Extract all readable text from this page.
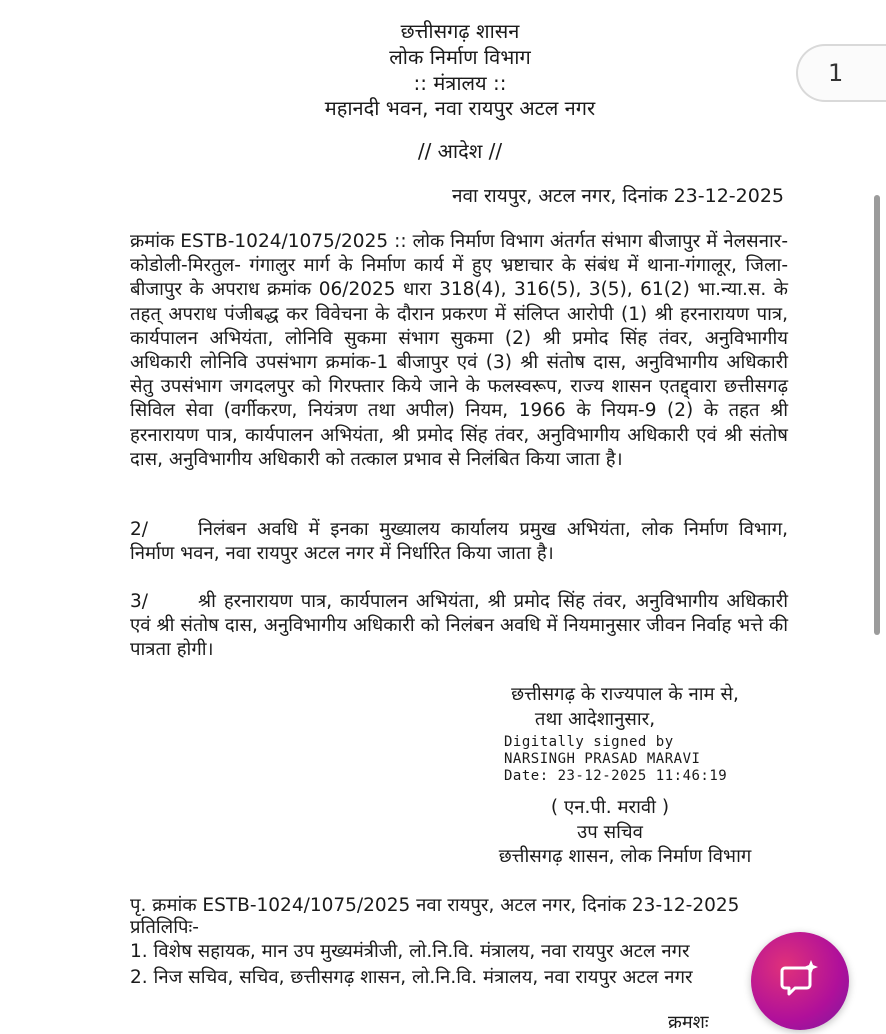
छत्तीसगढ़ शासन
लोक निर्माण विभाग
:: मंत्रालय ::
महानदी भवन, नवा रायपुर अटल नगर
// आदेश //
नवा रायपुर, अटल नगर, दिनांक 23-12-2025

क्रमांक ESTB-1024/1075/2025 :: लोक निर्माण विभाग अंतर्गत संभाग बीजापुर में नेलसनार-कोडोली-मिरतुल- गंगालुर मार्ग के निर्माण कार्य में हुए भ्रष्टाचार के संबंध में थाना-गंगालूर, जिला-बीजापुर के अपराध क्रमांक 06/2025 धारा 318(4), 316(5), 3(5), 61(2) भा.न्या.स. के तहत् अपराध पंजीबद्ध कर विवेचना के दौरान प्रकरण में संलिप्त आरोपी (1) श्री हरनारायण पात्र, कार्यपालन अभियंता, लोनिवि सुकमा संभाग सुकमा (2) श्री प्रमोद सिंह तंवर, अनुविभागीय अधिकारी लोनिवि उपसंभाग क्रमांक-1 बीजापुर एवं (3) श्री संतोष दास, अनुविभागीय अधिकारी सेतु उपसंभाग जगदलपुर को गिरफ्तार किये जाने के फलस्वरूप, राज्य शासन एतद्द्वारा छत्तीसगढ़ सिविल सेवा (वर्गीकरण, नियंत्रण तथा अपील) नियम, 1966 के नियम-9 (2) के तहत श्री हरनारायण पात्र, कार्यपालन अभियंता, श्री प्रमोद सिंह तंवर, अनुविभागीय अधिकारी एवं श्री संतोष दास, अनुविभागीय अधिकारी को तत्काल प्रभाव से निलंबित किया जाता है।

2/	निलंबन अवधि में इनका मुख्यालय कार्यालय प्रमुख अभियंता, लोक निर्माण विभाग, निर्माण भवन, नवा रायपुर अटल नगर में निर्धारित किया जाता है।

3/	श्री हरनारायण पात्र, कार्यपालन अभियंता, श्री प्रमोद सिंह तंवर, अनुविभागीय अधिकारी एवं श्री संतोष दास, अनुविभागीय अधिकारी को निलंबन अवधि में नियमानुसार जीवन निर्वाह भत्ते की पात्रता होगी।

छत्तीसगढ़ के राज्यपाल के नाम से,
तथा आदेशानुसार,
Digitally signed by
NARSINGH PRASAD MARAVI
Date: 23-12-2025 11:46:19
( एन.पी. मरावी )
उप सचिव
छत्तीसगढ़ शासन, लोक निर्माण विभाग
पृ. क्रमांक ESTB-1024/1075/2025 नवा रायपुर, अटल नगर, दिनांक 23-12-2025
प्रतिलिपिः-
1. विशेष सहायक, मान उप मुख्यमंत्रीजी, लो.नि.वि. मंत्रालय, नवा रायपुर अटल नगर
2. निज सचिव, सचिव, छत्तीसगढ़ शासन, लो.नि.वि. मंत्रालय, नवा रायपुर अटल नगर
क्रमशः
1
